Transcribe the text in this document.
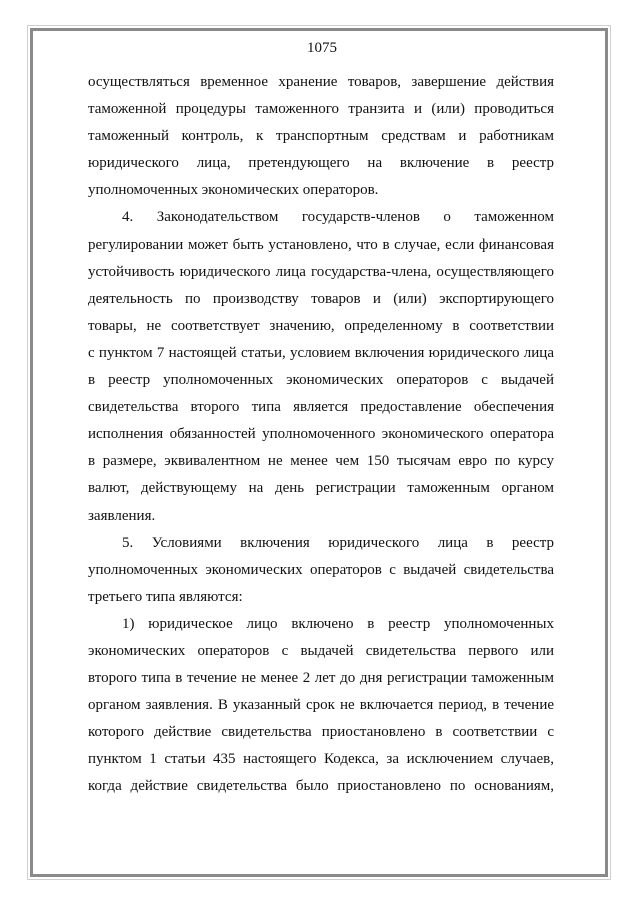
1075
осуществляться временное хранение товаров, завершение действия
таможенной процедуры таможенного транзита и (или) проводиться
таможенный контроль, к транспортным средствам и работникам
юридического лица, претендующего на включение в реестр
уполномоченных экономических операторов.
4. Законодательством государств-членов о таможенном
регулировании может быть установлено, что в случае, если финансовая
устойчивость юридического лица государства-члена, осуществляющего
деятельность по производству товаров и (или) экспортирующего
товары, не соответствует значению, определенному в соответствии
с пунктом 7 настоящей статьи, условием включения юридического лица
в реестр уполномоченных экономических операторов с выдачей
свидетельства второго типа является предоставление обеспечения
исполнения обязанностей уполномоченного экономического оператора
в размере, эквивалентном не менее чем 150 тысячам евро по курсу
валют, действующему на день регистрации таможенным органом
заявления.
5. Условиями включения юридического лица в реестр
уполномоченных экономических операторов с выдачей свидетельства
третьего типа являются:
1) юридическое лицо включено в реестр уполномоченных
экономических операторов с выдачей свидетельства первого или
второго типа в течение не менее 2 лет до дня регистрации таможенным
органом заявления. В указанный срок не включается период, в течение
которого действие свидетельства приостановлено в соответствии с
пунктом 1 статьи 435 настоящего Кодекса, за исключением случаев,
когда действие свидетельства было приостановлено по основаниям,
